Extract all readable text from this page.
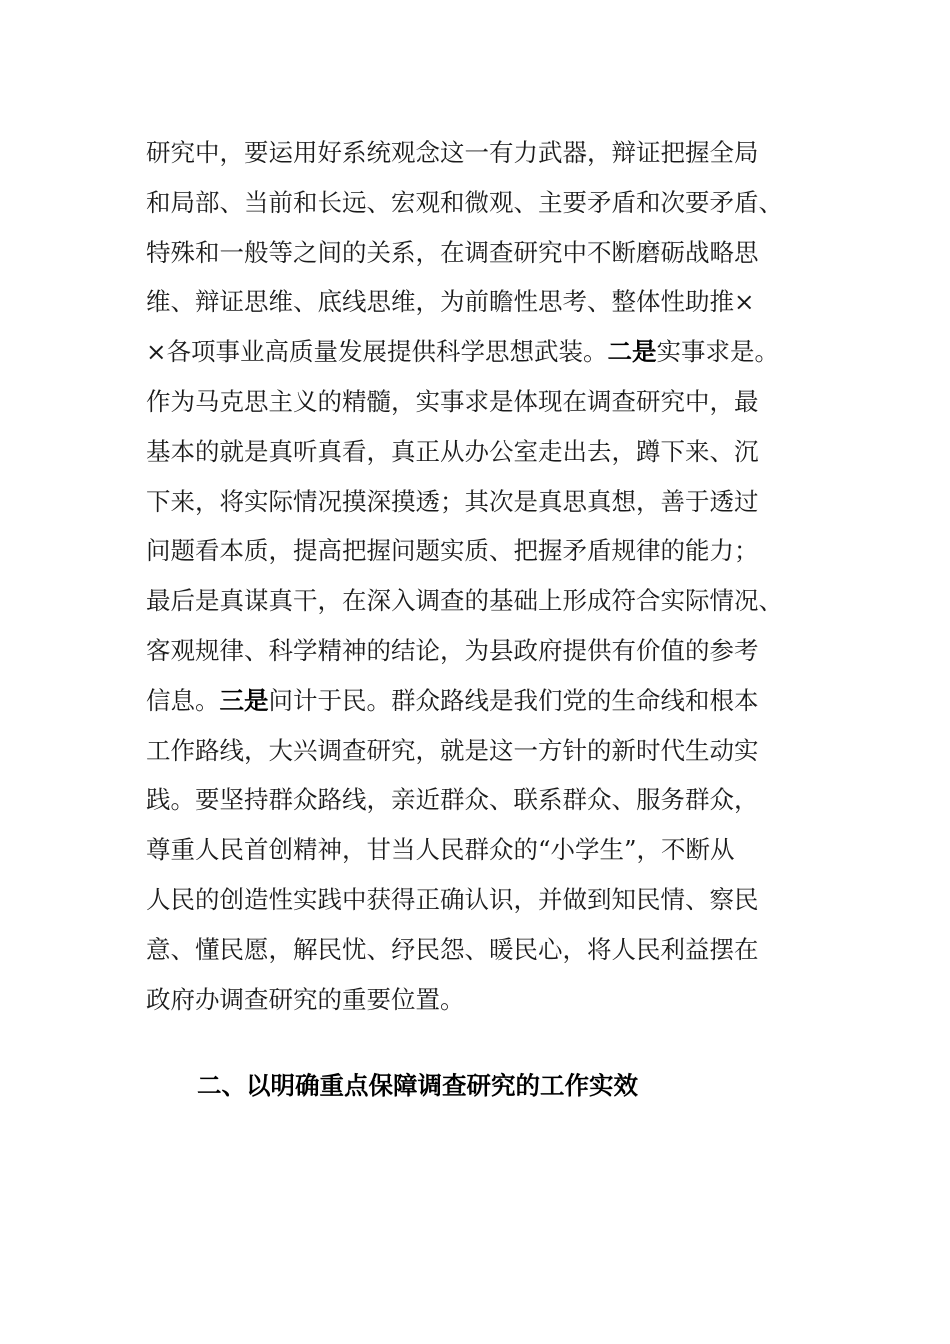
研究中，要运用好系统观念这一有力武器，辩证把握全局
和局部、当前和长远、宏观和微观、主要矛盾和次要矛盾、
特殊和一般等之间的关系，在调查研究中不断磨砺战略思
维、辩证思维、底线思维，为前瞻性思考、整体性助推×
×各项事业高质量发展提供科学思想武装。二是实事求是。
作为马克思主义的精髓，实事求是体现在调查研究中，最
基本的就是真听真看，真正从办公室走出去，蹲下来、沉
下来，将实际情况摸深摸透；其次是真思真想，善于透过
问题看本质，提高把握问题实质、把握矛盾规律的能力；
最后是真谋真干，在深入调查的基础上形成符合实际情况、
客观规律、科学精神的结论，为县政府提供有价值的参考
信息。三是问计于民。群众路线是我们党的生命线和根本
工作路线，大兴调查研究，就是这一方针的新时代生动实
践。要坚持群众路线，亲近群众、联系群众、服务群众，
尊重人民首创精神，甘当人民群众的“小学生”，不断从
人民的创造性实践中获得正确认识，并做到知民情、察民
意、懂民愿，解民忧、纾民怨、暖民心，将人民利益摆在
政府办调查研究的重要位置。
二、以明确重点保障调查研究的工作实效
